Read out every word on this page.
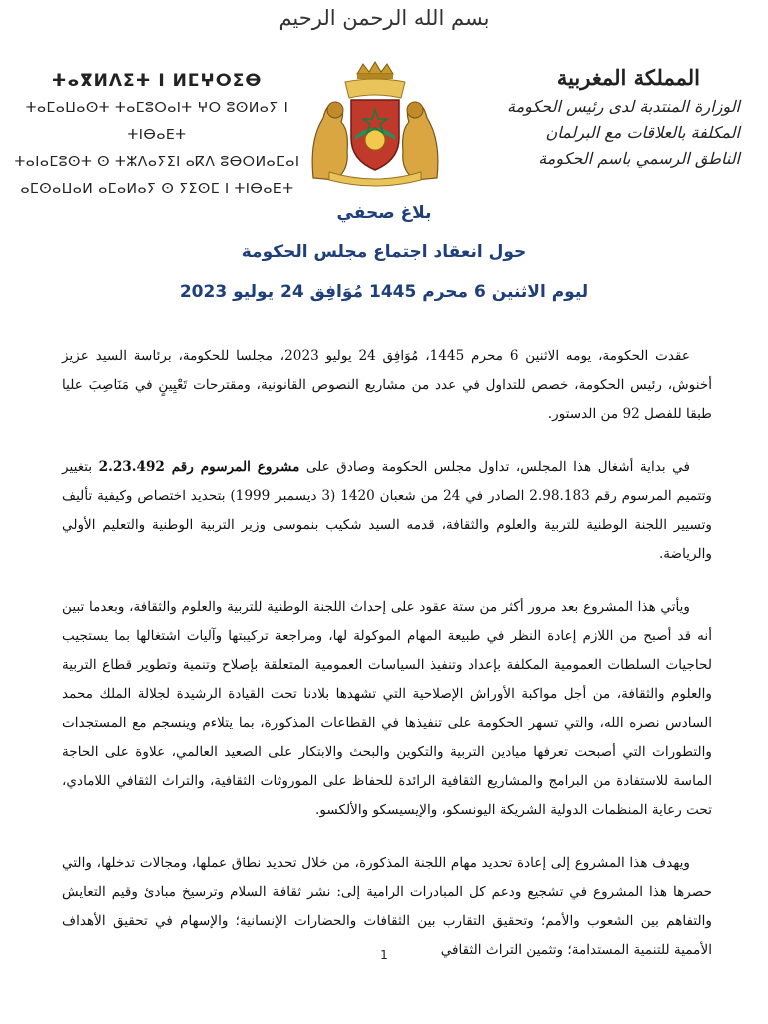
بسم الله الرحمن الرحيم
ⵜⴰⴳⵍⴷⵉⵜ ⵏ ⵍⵎⵖⵔⵉⴱ
ⵜⴰⵎⴰⵡⴰⵙⵜ ⵜⴰⵎⵓⵔⴰⵏⵜ ⵖⵔ ⵓⵙⵍⴰⵢ ⵏ ⵜⵏⴱⴰⴹⵜ
ⵜⴰⵏⴰⵎⵓⵙⵜ ⵙ ⵜⵣⴷⴰⵢⵉⵏ ⴰⴽⴷ ⵓⴱⵔⵍⴰⵎⴰⵏ
ⴰⵎⵙⴰⵡⴰⵍ ⴰⵎⴰⵍⴰⵢ ⵙ ⵢⵉⵙⵎ ⵏ ⵜⵏⴱⴰⴹⵜ
المملكة المغربية
الوزارة المنتدبة لدى رئيس الحكومة
المكلفة بالعلاقات مع البرلمان
الناطق الرسمي باسم الحكومة
بلاغ صحفي
حول انعقاد اجتماع مجلس الحكومة
ليوم الاثنين 6 محرم 1445 مُوَافِق 24 يوليو 2023

عقدت الحكومة، يومه الاثنين 6 محرم 1445، مُوَافِق 24 يوليو 2023، مجلسا للحكومة، برئاسة السيد عزيز أخنوش، رئيس الحكومة، خصص للتداول في عدد من مشاريع النصوص القانونية، ومقترحات تَعْيِينٍ في مَنَاصِبَ عليا طبقا للفصل 92 من الدستور.

في بداية أشغال هذا المجلس، تداول مجلس الحكومة وصادق على مشروع المرسوم رقم 2.23.492 بتغيير وتتميم المرسوم رقم 2.98.183 الصادر في 24 من شعبان 1420 (3 ديسمبر 1999) بتحديد اختصاص وكيفية تأليف وتسيير اللجنة الوطنية للتربية والعلوم والثقافة، قدمه السيد شكيب بنموسى وزير التربية الوطنية والتعليم الأولي والرياضة.

ويأتي هذا المشروع بعد مرور أكثر من ستة عقود على إحداث اللجنة الوطنية للتربية والعلوم والثقافة، وبعدما تبين أنه قد أصبح من اللازم إعادة النظر في طبيعة المهام الموكولة لها، ومراجعة تركيبتها وآليات اشتغالها بما يستجيب لحاجيات السلطات العمومية المكلفة بإعداد وتنفيذ السياسات العمومية المتعلقة بإصلاح وتنمية وتطوير قطاع التربية والعلوم والثقافة، من أجل مواكبة الأوراش الإصلاحية التي تشهدها بلادنا تحت القيادة الرشيدة لجلالة الملك محمد السادس نصره الله، والتي تسهر الحكومة على تنفيذها في القطاعات المذكورة، بما يتلاءم وينسجم مع المستجدات والتطورات التي أصبحت تعرفها ميادين التربية والتكوين والبحث والابتكار على الصعيد العالمي، علاوة على الحاجة الماسة للاستفادة من البرامج والمشاريع الثقافية الرائدة للحفاظ على الموروثات الثقافية، والتراث الثقافي اللامادي، تحت رعاية المنظمات الدولية الشريكة اليونسكو، والإيسيسكو والألكسو.

ويهدف هذا المشروع إلى إعادة تحديد مهام اللجنة المذكورة، من خلال تحديد نطاق عملها، ومجالات تدخلها، والتي حصرها هذا المشروع في تشجيع ودعم كل المبادرات الرامية إلى: نشر ثقافة السلام وترسيخ مبادئ وقيم التعايش والتفاهم بين الشعوب والأمم؛ وتحقيق التقارب بين الثقافات والحضارات الإنسانية؛ والإسهام في تحقيق الأهداف الأممية للتنمية المستدامة؛ وتثمين التراث الثقافي

1
